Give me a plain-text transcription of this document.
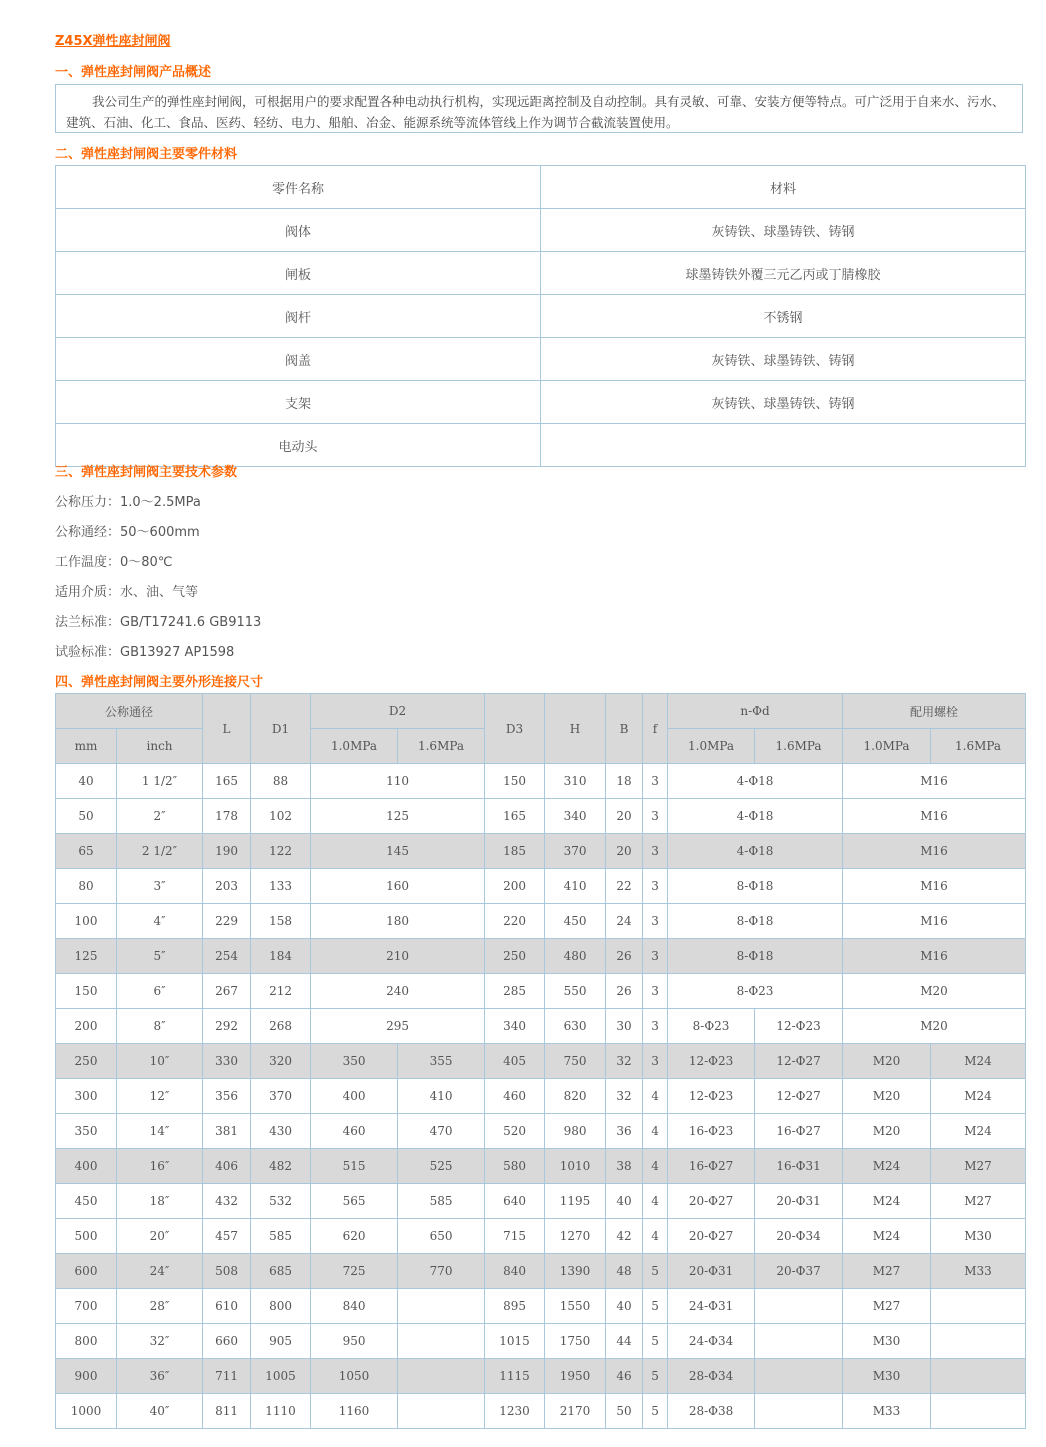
Z45X弹性座封闸阀
一、弹性座封闸阀产品概述
我公司生产的弹性座封闸阀，可根据用户的要求配置各种电动执行机构，实现远距离控制及自动控制。具有灵敏、可靠、安装方便等特点。可广泛用于自来水、污水、建筑、石油、化工、食品、医药、轻纺、电力、船舶、冶金、能源系统等流体管线上作为调节合截流装置使用。
二、弹性座封闸阀主要零件材料
零件名称	材料
阀体	灰铸铁、球墨铸铁、铸钢
闸板	球墨铸铁外覆三元乙丙或丁腈橡胶
阀杆	不锈钢
阀盖	灰铸铁、球墨铸铁、铸钢
支架	灰铸铁、球墨铸铁、铸钢
电动头	
三、弹性座封闸阀主要技术参数
公称压力：1.0～2.5MPa
公称通经：50～600mm
工作温度：0～80℃
适用介质：水、油、气等
法兰标准：GB/T17241.6 GB9113
试验标准：GB13927 AP1598
四、弹性座封闸阀主要外形连接尺寸
公称通径		L	D1	D2		D3	H	B	f	n-Φd		配用螺栓	
mm	inch			1.0MPa	1.6MPa					1.0MPa	1.6MPa	1.0MPa	1.6MPa
40	1 1/2″	165	88	110		150	310	18	3	4-Φ18		M16	
50	2″	178	102	125		165	340	20	3	4-Φ18		M16	
65	2 1/2″	190	122	145		185	370	20	3	4-Φ18		M16	
80	3″	203	133	160		200	410	22	3	8-Φ18		M16	
100	4″	229	158	180		220	450	24	3	8-Φ18		M16	
125	5″	254	184	210		250	480	26	3	8-Φ18		M16	
150	6″	267	212	240		285	550	26	3	8-Φ23		M20	
200	8″	292	268	295		340	630	30	3	8-Φ23	12-Φ23	M20	
250	10″	330	320	350	355	405	750	32	3	12-Φ23	12-Φ27	M20	M24
300	12″	356	370	400	410	460	820	32	4	12-Φ23	12-Φ27	M20	M24
350	14″	381	430	460	470	520	980	36	4	16-Φ23	16-Φ27	M20	M24
400	16″	406	482	515	525	580	1010	38	4	16-Φ27	16-Φ31	M24	M27
450	18″	432	532	565	585	640	1195	40	4	20-Φ27	20-Φ31	M24	M27
500	20″	457	585	620	650	715	1270	42	4	20-Φ27	20-Φ34	M24	M30
600	24″	508	685	725	770	840	1390	48	5	20-Φ31	20-Φ37	M27	M33
700	28″	610	800	840		895	1550	40	5	24-Φ31		M27	
800	32″	660	905	950		1015	1750	44	5	24-Φ34		M30	
900	36″	711	1005	1050		1115	1950	46	5	28-Φ34		M30	
1000	40″	811	1110	1160		1230	2170	50	5	28-Φ38		M33	
